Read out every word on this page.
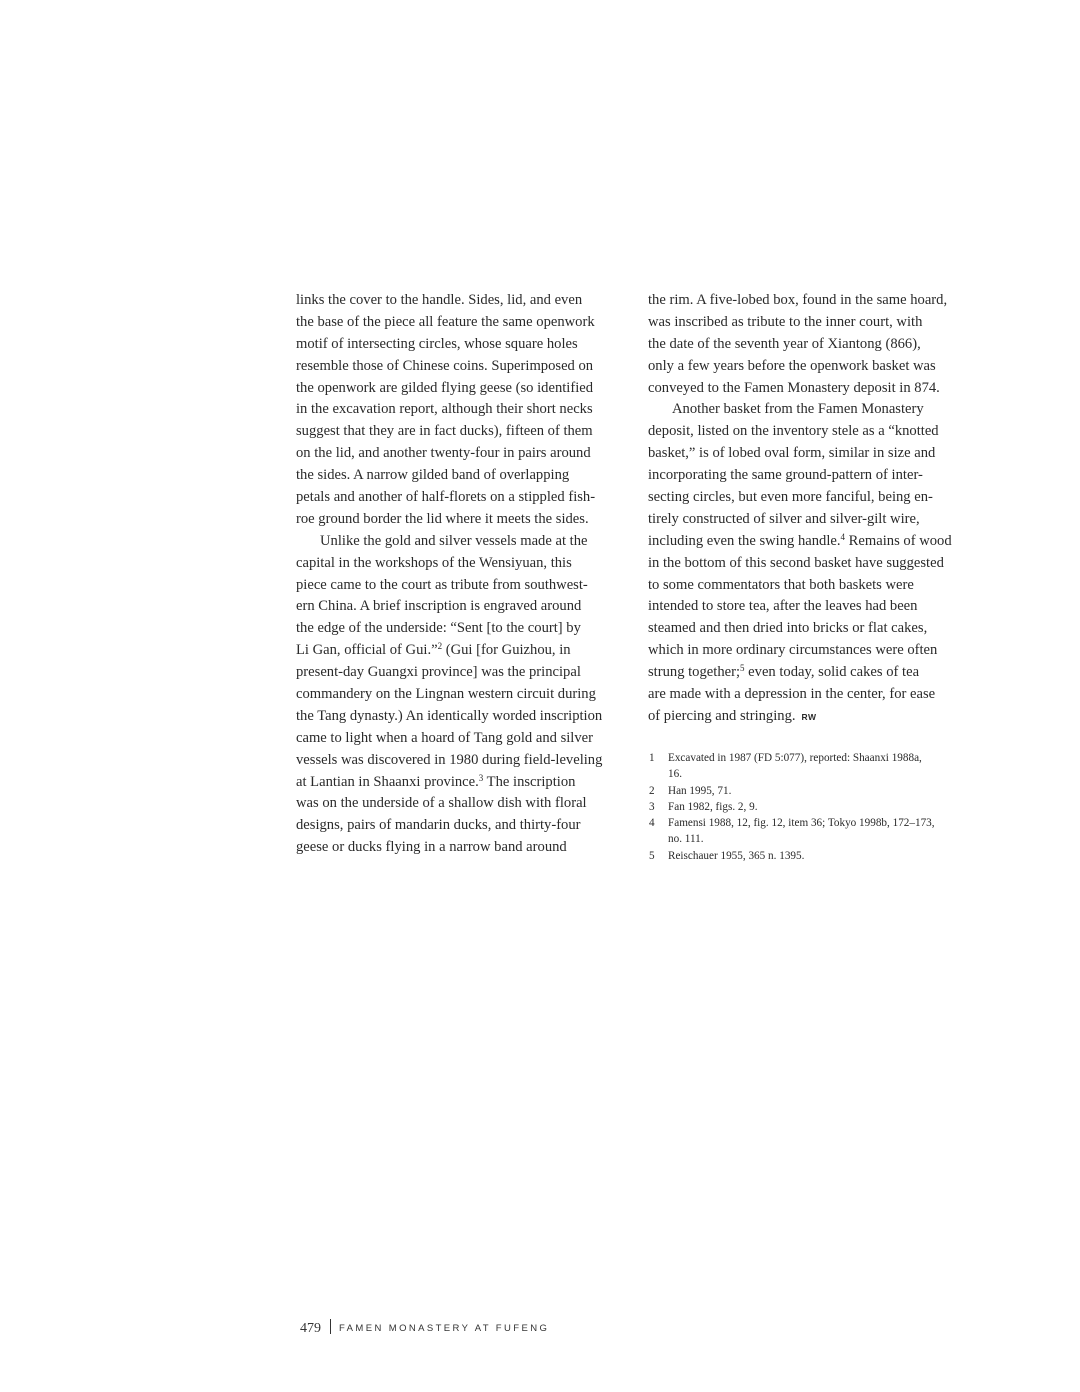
links the cover to the handle. Sides, lid, and even
the base of the piece all feature the same openwork
motif of intersecting circles, whose square holes
resemble those of Chinese coins. Superimposed on
the openwork are gilded flying geese (so identified
in the excavation report, although their short necks
suggest that they are in fact ducks), fifteen of them
on the lid, and another twenty-four in pairs around
the sides. A narrow gilded band of overlapping
petals and another of half-florets on a stippled fish-
roe ground border the lid where it meets the sides.
Unlike the gold and silver vessels made at the
capital in the workshops of the Wensiyuan, this
piece came to the court as tribute from southwest-
ern China. A brief inscription is engraved around
the edge of the underside: “Sent [to the court] by
Li Gan, official of Gui.”$^2$ (Gui [for Guizhou, in
present-day Guangxi province] was the principal
commandery on the Lingnan western circuit during
the Tang dynasty.) An identically worded inscription
came to light when a hoard of Tang gold and silver
vessels was discovered in 1980 during field-leveling
at Lantian in Shaanxi province.$^3$ The inscription
was on the underside of a shallow dish with floral
designs, pairs of mandarin ducks, and thirty-four
geese or ducks flying in a narrow band around
the rim. A five-lobed box, found in the same hoard,
was inscribed as tribute to the inner court, with
the date of the seventh year of Xiantong (866),
only a few years before the openwork basket was
conveyed to the Famen Monastery deposit in 874.
Another basket from the Famen Monastery
deposit, listed on the inventory stele as a “knotted
basket,” is of lobed oval form, similar in size and
incorporating the same ground-pattern of inter-
secting circles, but even more fanciful, being en-
tirely constructed of silver and silver-gilt wire,
including even the swing handle.$^4$ Remains of wood
in the bottom of this second basket have suggested
to some commentators that both baskets were
intended to store tea, after the leaves had been
steamed and then dried into bricks or flat cakes,
which in more ordinary circumstances were often
strung together;$^5$ even today, solid cakes of tea
are made with a depression in the center, for ease
of piercing and stringing. RW
1 Excavated in 1987 (FD 5:077), reported: Shaanxi 1988a,
16.
2 Han 1995, 71.
3 Fan 1982, figs. 2, 9.
4 Famensi 1988, 12, fig. 12, item 36; Tokyo 1998b, 172–173,
no. 111.
5 Reischauer 1955, 365 n. 1395.
479 FAMEN MONASTERY AT FUFENG
